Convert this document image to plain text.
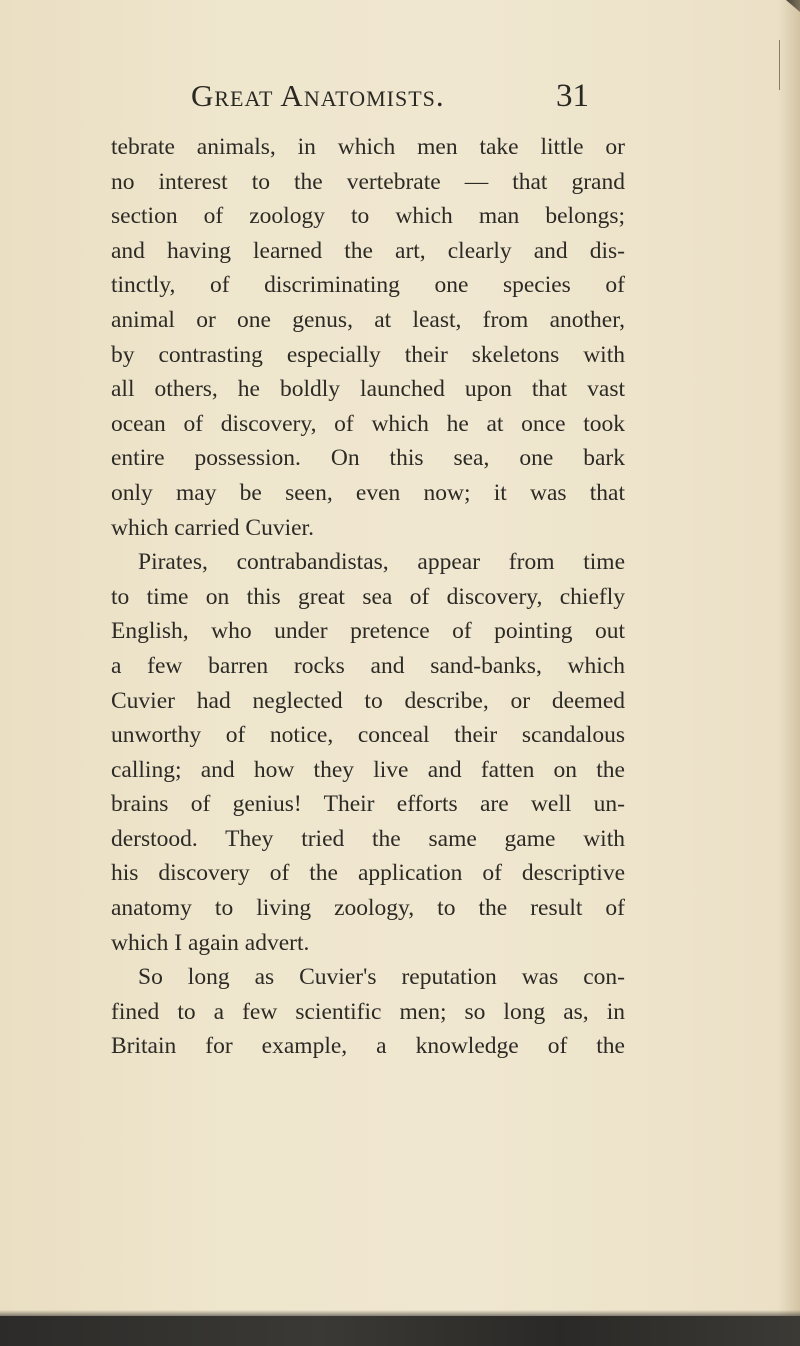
Great Anatomists.	31
tebrate animals, in which men take little or
no interest to the vertebrate — that grand
section of zoology to which man belongs;
and having learned the art, clearly and dis-
tinctly, of discriminating one species of
animal or one genus, at least, from another,
by contrasting especially their skeletons with
all others, he boldly launched upon that vast
ocean of discovery, of which he at once took
entire possession. On this sea, one bark
only may be seen, even now; it was that
which carried Cuvier.
Pirates, contrabandistas, appear from time
to time on this great sea of discovery, chiefly
English, who under pretence of pointing out
a few barren rocks and sand-banks, which
Cuvier had neglected to describe, or deemed
unworthy of notice, conceal their scandalous
calling; and how they live and fatten on the
brains of genius! Their efforts are well un-
derstood. They tried the same game with
his discovery of the application of descriptive
anatomy to living zoology, to the result of
which I again advert.
So long as Cuvier's reputation was con-
fined to a few scientific men; so long as, in
Britain for example, a knowledge of the
